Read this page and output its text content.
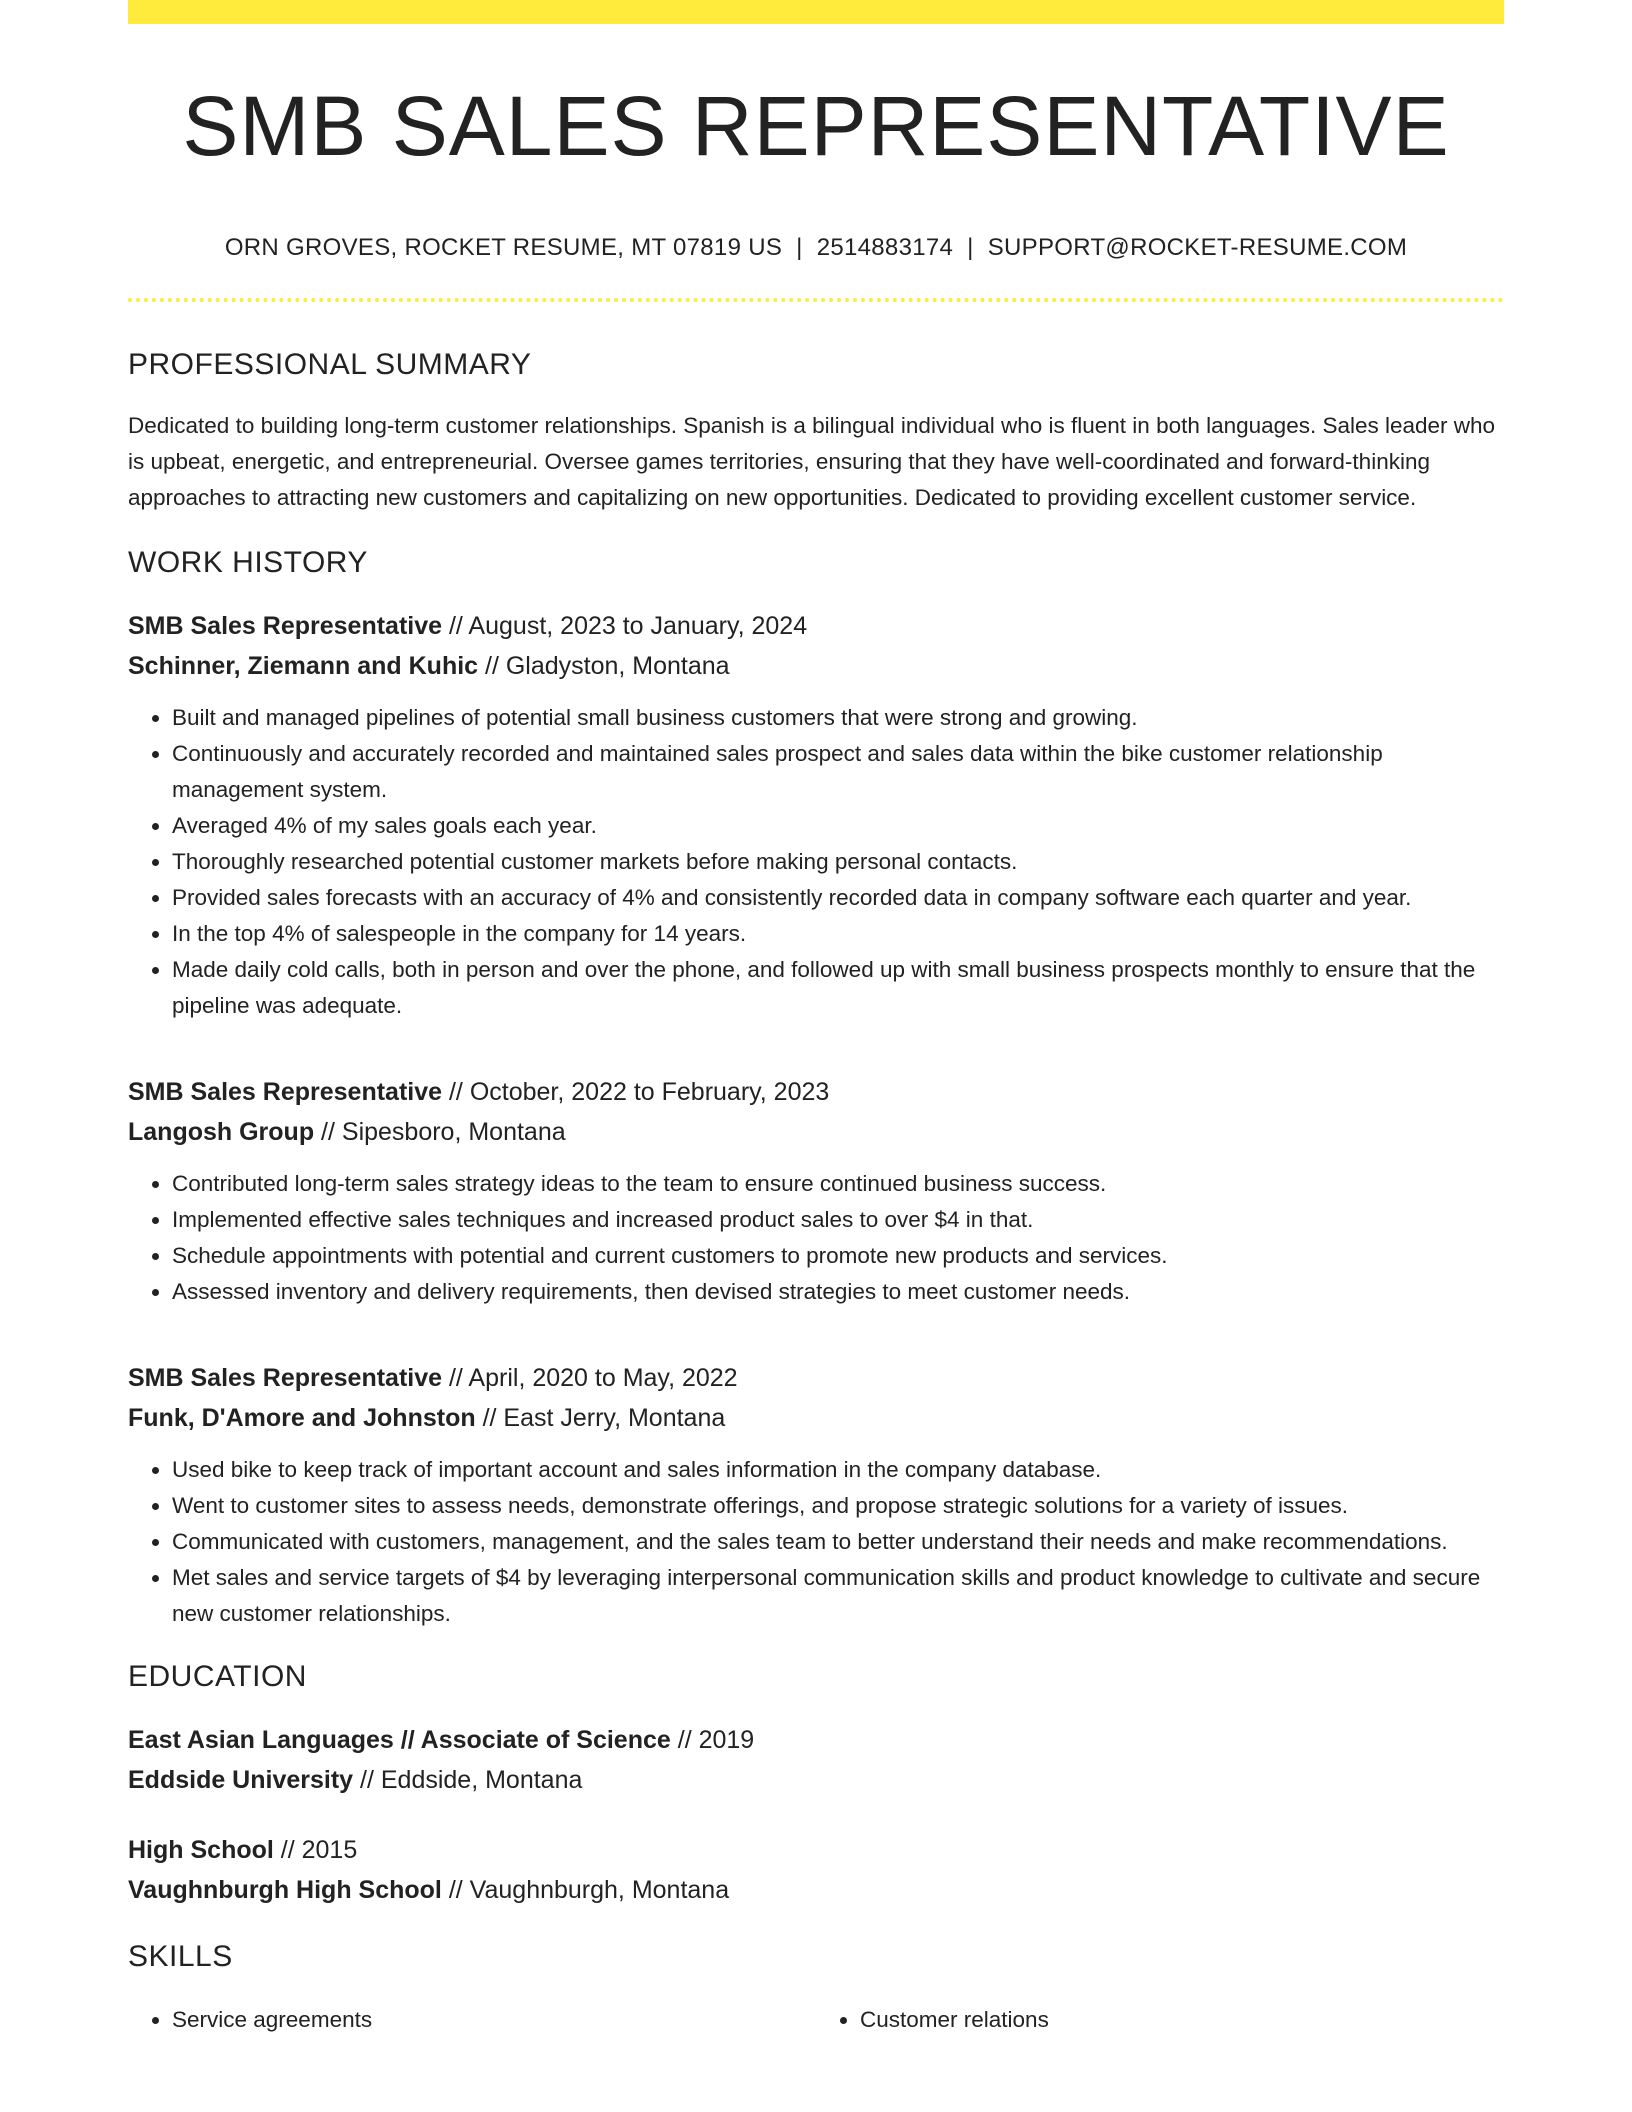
SMB SALES REPRESENTATIVE
ORN GROVES, ROCKET RESUME, MT 07819 US | 2514883174 | SUPPORT@ROCKET-RESUME.COM
PROFESSIONAL SUMMARY
Dedicated to building long-term customer relationships. Spanish is a bilingual individual who is fluent in both languages. Sales leader who is upbeat, energetic, and entrepreneurial. Oversee games territories, ensuring that they have well-coordinated and forward-thinking approaches to attracting new customers and capitalizing on new opportunities. Dedicated to providing excellent customer service.
WORK HISTORY
SMB Sales Representative // August, 2023 to January, 2024
Schinner, Ziemann and Kuhic // Gladyston, Montana
• Built and managed pipelines of potential small business customers that were strong and growing.
• Continuously and accurately recorded and maintained sales prospect and sales data within the bike customer relationship management system.
• Averaged 4% of my sales goals each year.
• Thoroughly researched potential customer markets before making personal contacts.
• Provided sales forecasts with an accuracy of 4% and consistently recorded data in company software each quarter and year.
• In the top 4% of salespeople in the company for 14 years.
• Made daily cold calls, both in person and over the phone, and followed up with small business prospects monthly to ensure that the pipeline was adequate.
SMB Sales Representative // October, 2022 to February, 2023
Langosh Group // Sipesboro, Montana
• Contributed long-term sales strategy ideas to the team to ensure continued business success.
• Implemented effective sales techniques and increased product sales to over $4 in that.
• Schedule appointments with potential and current customers to promote new products and services.
• Assessed inventory and delivery requirements, then devised strategies to meet customer needs.
SMB Sales Representative // April, 2020 to May, 2022
Funk, D'Amore and Johnston // East Jerry, Montana
• Used bike to keep track of important account and sales information in the company database.
• Went to customer sites to assess needs, demonstrate offerings, and propose strategic solutions for a variety of issues.
• Communicated with customers, management, and the sales team to better understand their needs and make recommendations.
• Met sales and service targets of $4 by leveraging interpersonal communication skills and product knowledge to cultivate and secure new customer relationships.
EDUCATION
East Asian Languages // Associate of Science // 2019
Eddside University // Eddside, Montana
High School // 2015
Vaughnburgh High School // Vaughnburgh, Montana
SKILLS
• Service agreements
•	Customer relations
